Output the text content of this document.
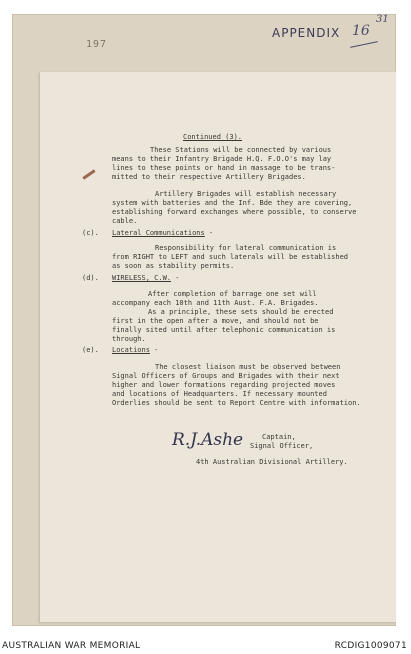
197
APPENDIX 16
31
Continued (3).
These Stations will be connected by various
means to their Infantry Brigade H.Q. F.O.O's may lay
lines to these points or hand in massage to be trans-
mitted to their respective Artillery Brigades.
Artillery Brigades will establish necessary
system with batteries and the Inf. Bde they are covering,
establishing forward exchanges where possible, to conserve
cable.
(c). Lateral Communications -
Responsibility for lateral communication is
from RIGHT to LEFT and such laterals will be established
as soon as stability permits.
(d). WIRELESS, C.W. -
After completion of barrage one set will
accompany each 10th and 11th Aust. F.A. Brigades.
As a principle, these sets should be erected
first in the open after a move, and should not be
finally sited until after telephonic communication is
through.
(e). Locations -
The closest liaison must be observed between
Signal Officers of Groups and Brigades with their next
higher and lower formations regarding projected moves
and locations of Headquarters. If necessary mounted
Orderlies should be sent to Report Centre with information.
R.J.Ashe	Captain,
Signal Officer,
4th Australian Divisional Artillery.
AUSTRALIAN WAR MEMORIAL	RCDIG1009071
